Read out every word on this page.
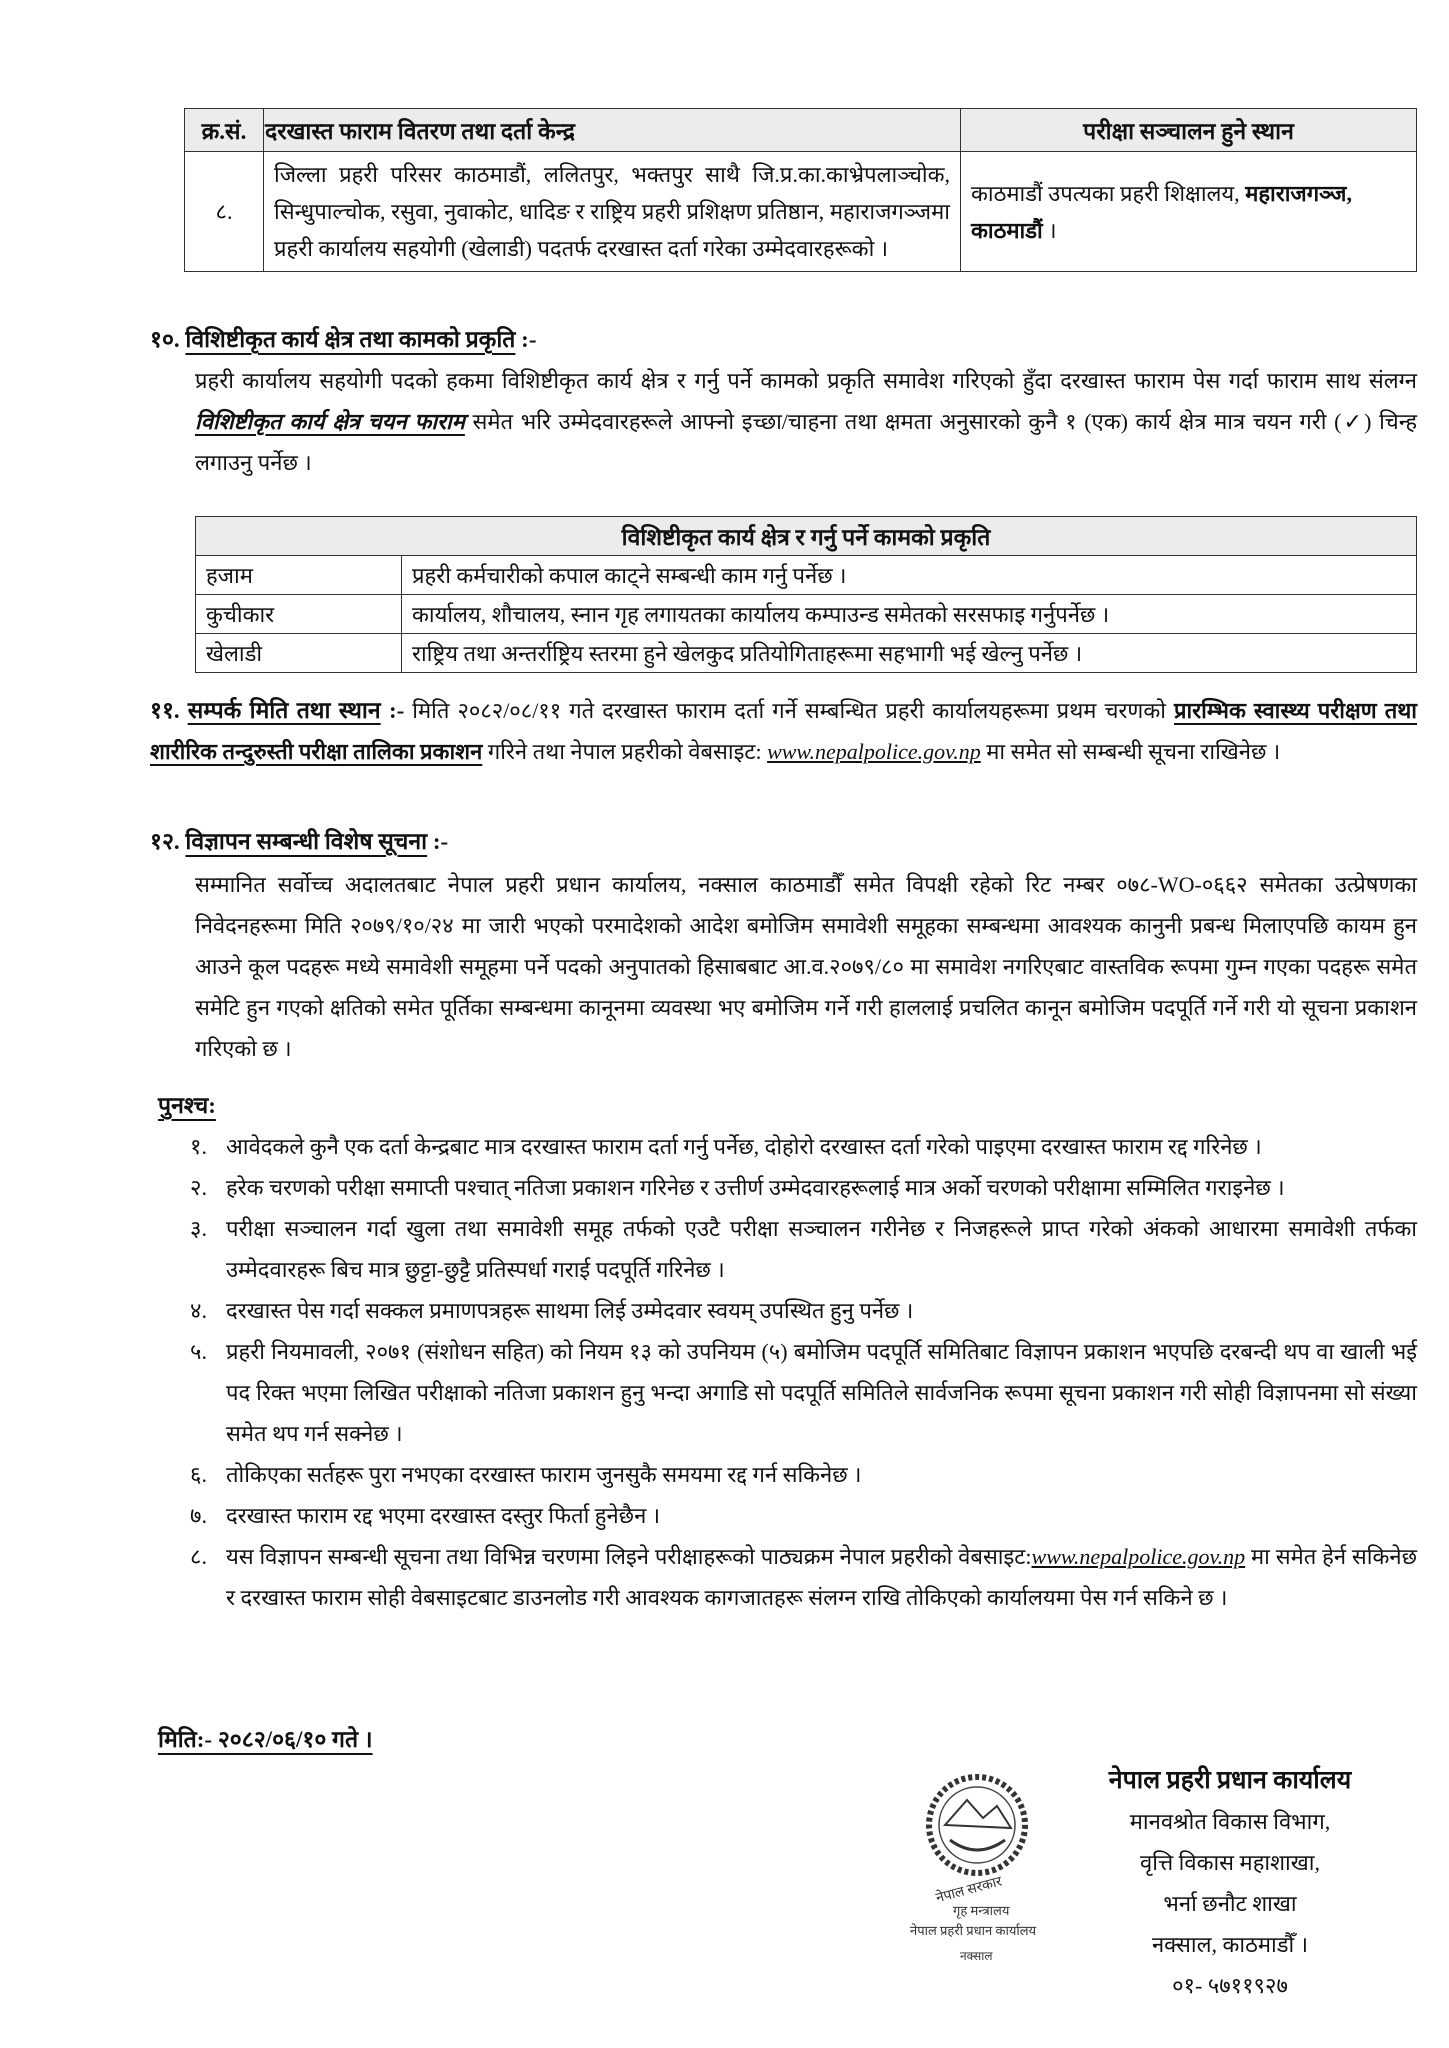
क्र.सं.	दरखास्त फाराम वितरण तथा दर्ता केन्द्र	परीक्षा सञ्चालन हुने स्थान
८.	जिल्ला प्रहरी परिसर काठमाडौं, ललितपुर, भक्तपुर साथै जि.प्र.का.काभ्रेपलाञ्चोक, सिन्धुपाल्चोक, रसुवा, नुवाकोट, धादिङ र राष्ट्रिय प्रहरी प्रशिक्षण प्रतिष्ठान, महाराजगञ्जमा प्रहरी कार्यालय सहयोगी (खेलाडी) पदतर्फ दरखास्त दर्ता गरेका उम्मेदवारहरूको ।	काठमाडौं उपत्यका प्रहरी शिक्षालय, महाराजगञ्ज, काठमाडौं ।
१०. विशिष्टीकृत कार्य क्षेत्र तथा कामको प्रकृति :-
प्रहरी कार्यालय सहयोगी पदको हकमा विशिष्टीकृत कार्य क्षेत्र र गर्नु पर्ने कामको प्रकृति समावेश गरिएको हुँदा दरखास्त फाराम पेस गर्दा फाराम साथ संलग्न विशिष्टीकृत कार्य क्षेत्र चयन फाराम समेत भरि उम्मेदवारहरूले आफ्नो इच्छा/चाहना तथा क्षमता अनुसारको कुनै १ (एक) कार्य क्षेत्र मात्र चयन गरी (✓) चिन्ह लगाउनु पर्नेछ ।
विशिष्टीकृत कार्य क्षेत्र र गर्नु पर्ने कामको प्रकृति	
हजाम	प्रहरी कर्मचारीको कपाल काट्ने सम्बन्धी काम गर्नु पर्नेछ ।
कुचीकार	कार्यालय, शौचालय, स्नान गृह लगायतका कार्यालय कम्पाउन्ड समेतको सरसफाइ गर्नुपर्नेछ ।
खेलाडी	राष्ट्रिय तथा अन्तर्राष्ट्रिय स्तरमा हुने खेलकुद प्रतियोगिताहरूमा सहभागी भई खेल्नु पर्नेछ ।
११. सम्पर्क मिति तथा स्थान :- मिति २०८२/०८/११ गते दरखास्त फाराम दर्ता गर्ने सम्बन्धित प्रहरी कार्यालयहरूमा प्रथम चरणको प्रारम्भिक स्वास्थ्य परीक्षण तथा शारीरिक तन्दुरुस्ती परीक्षा तालिका प्रकाशन गरिने तथा नेपाल प्रहरीको वेबसाइट: www.nepalpolice.gov.np मा समेत सो सम्बन्धी सूचना राखिनेछ ।
१२. विज्ञापन सम्बन्धी विशेष सूचना :-
सम्मानित सर्वोच्च अदालतबाट नेपाल प्रहरी प्रधान कार्यालय, नक्साल काठमाडौँ समेत विपक्षी रहेको रिट नम्बर ०७८-WO-०६६२ समेतका उत्प्रेषणका निवेदनहरूमा मिति २०७९/१०/२४ मा जारी भएको परमादेशको आदेश बमोजिम समावेशी समूहका सम्बन्धमा आवश्यक कानुनी प्रबन्ध मिलाएपछि कायम हुन आउने कूल पदहरू मध्ये समावेशी समूहमा पर्ने पदको अनुपातको हिसाबबाट आ.व.२०७९/८० मा समावेश नगरिएबाट वास्तविक रूपमा गुम्न गएका पदहरू समेत समेटि हुन गएको क्षतिको समेत पूर्तिका सम्बन्धमा कानूनमा व्यवस्था भए बमोजिम गर्ने गरी हाललाई प्रचलित कानून बमोजिम पदपूर्ति गर्ने गरी यो सूचना प्रकाशन गरिएको छ ।
पुनश्च:
१. आवेदकले कुनै एक दर्ता केन्द्रबाट मात्र दरखास्त फाराम दर्ता गर्नु पर्नेछ, दोहोरो दरखास्त दर्ता गरेको पाइएमा दरखास्त फाराम रद्द गरिनेछ ।
२. हरेक चरणको परीक्षा समाप्ती पश्चात् नतिजा प्रकाशन गरिनेछ र उत्तीर्ण उम्मेदवारहरूलाई मात्र अर्को चरणको परीक्षामा सम्मिलित गराइनेछ ।
३. परीक्षा सञ्चालन गर्दा खुला तथा समावेशी समूह तर्फको एउटै परीक्षा सञ्चालन गरीनेछ र निजहरूले प्राप्त गरेको अंकको आधारमा समावेशी तर्फका उम्मेदवारहरू बिच मात्र छुट्टा-छुट्टै प्रतिस्पर्धा गराई पदपूर्ति गरिनेछ ।
४. दरखास्त पेस गर्दा सक्कल प्रमाणपत्रहरू साथमा लिई उम्मेदवार स्वयम् उपस्थित हुनु पर्नेछ ।
५. प्रहरी नियमावली, २०७१ (संशोधन सहित) को नियम १३ को उपनियम (५) बमोजिम पदपूर्ति समितिबाट विज्ञापन प्रकाशन भएपछि दरबन्दी थप वा खाली भई पद रिक्त भएमा लिखित परीक्षाको नतिजा प्रकाशन हुनु भन्दा अगाडि सो पदपूर्ति समितिले सार्वजनिक रूपमा सूचना प्रकाशन गरी सोही विज्ञापनमा सो संख्या समेत थप गर्न सक्नेछ ।
६. तोकिएका सर्तहरू पुरा नभएका दरखास्त फाराम जुनसुकै समयमा रद्द गर्न सकिनेछ ।
७. दरखास्त फाराम रद्द भएमा दरखास्त दस्तुर फिर्ता हुनेछैन ।
८. यस विज्ञापन सम्बन्धी सूचना तथा विभिन्न चरणमा लिइने परीक्षाहरूको पाठ्यक्रम नेपाल प्रहरीको वेबसाइट:www.nepalpolice.gov.np मा समेत हेर्न सकिनेछ र दरखास्त फाराम सोही वेबसाइटबाट डाउनलोड गरी आवश्यक कागजातहरू संलग्न राखि तोकिएको कार्यालयमा पेस गर्न सकिने छ ।
मिति:- २०८२/०६/१० गते ।
नेपाल सरकार
गृह मन्त्रालय
नेपाल प्रहरी प्रधान कार्यालय
नक्साल
नेपाल प्रहरी प्रधान कार्यालय
मानवश्रोत विकास विभाग,
वृत्ति विकास महाशाखा,
भर्ना छनौट शाखा
नक्साल, काठमाडौँ ।
०१- ५७११९२७
